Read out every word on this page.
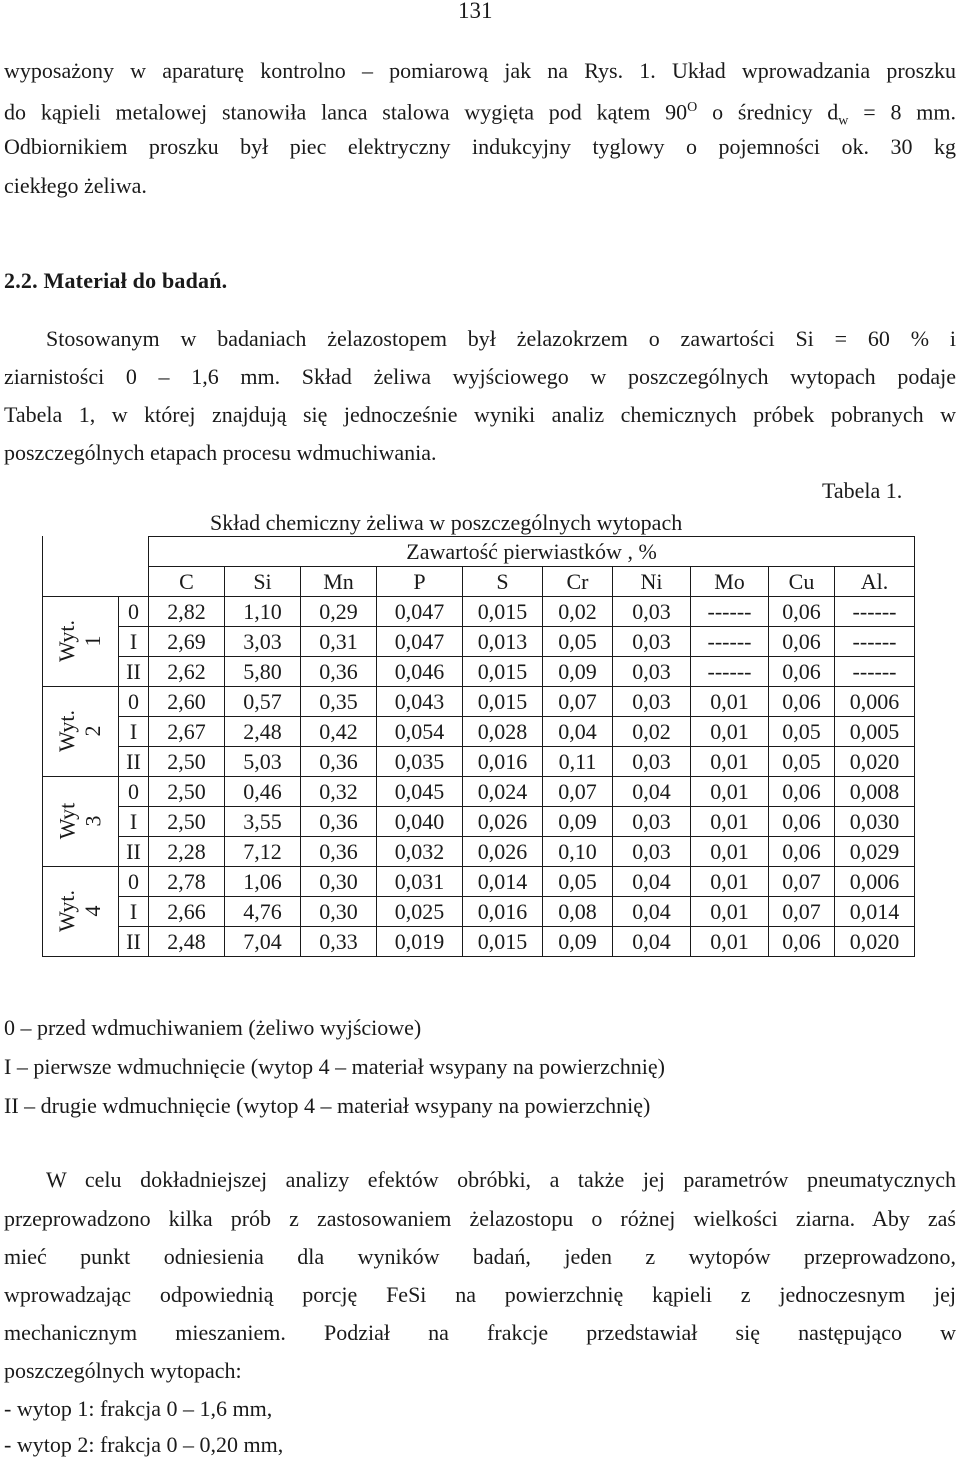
131
wyposażony w aparaturę kontrolno – pomiarową jak na Rys. 1. Układ wprowadzania proszku
do kąpieli metalowej stanowiła lanca stalowa wygięta pod kątem $90^O$ o średnicy $d_w = 8$ mm.
Odbiornikiem proszku był piec elektryczny indukcyjny tyglowy o pojemności ok. 30 kg
ciekłego żeliwa.
2.2. Materiał do badań.
Stosowanym w badaniach żelazostopem był żelazokrzem o zawartości Si = 60 % i
ziarnistości 0 – 1,6 mm. Skład żeliwa wyjściowego w poszczególnych wytopach podaje
Tabela 1, w której znajdują się jednocześnie wyniki analiz chemicznych próbek pobranych w
poszczególnych etapach procesu wdmuchiwania.
Tabela 1.
Skład chemiczny żeliwa w poszczególnych wytopach
		Zawartość pierwiastków , %									
		C	Si	Mn	P	S	Cr	Ni	Mo	Cu	Al.
Wyt.
1	0	2,82	1,10	0,29	0,047	0,015	0,02	0,03	------	0,06	------
	I	2,69	3,03	0,31	0,047	0,013	0,05	0,03	------	0,06	------
	II	2,62	5,80	0,36	0,046	0,015	0,09	0,03	------	0,06	------
Wyt.
2	0	2,60	0,57	0,35	0,043	0,015	0,07	0,03	0,01	0,06	0,006
	I	2,67	2,48	0,42	0,054	0,028	0,04	0,02	0,01	0,05	0,005
	II	2,50	5,03	0,36	0,035	0,016	0,11	0,03	0,01	0,05	0,020
Wyt
3	0	2,50	0,46	0,32	0,045	0,024	0,07	0,04	0,01	0,06	0,008
	I	2,50	3,55	0,36	0,040	0,026	0,09	0,03	0,01	0,06	0,030
	II	2,28	7,12	0,36	0,032	0,026	0,10	0,03	0,01	0,06	0,029
Wyt.
4	0	2,78	1,06	0,30	0,031	0,014	0,05	0,04	0,01	0,07	0,006
	I	2,66	4,76	0,30	0,025	0,016	0,08	0,04	0,01	0,07	0,014
	II	2,48	7,04	0,33	0,019	0,015	0,09	0,04	0,01	0,06	0,020
0 – przed wdmuchiwaniem (żeliwo wyjściowe)
I – pierwsze wdmuchnięcie (wytop 4 – materiał wsypany na powierzchnię)
II – drugie wdmuchnięcie (wytop 4 – materiał wsypany na powierzchnię)
W celu dokładniejszej analizy efektów obróbki, a także jej parametrów pneumatycznych
przeprowadzono kilka prób z zastosowaniem żelazostopu o różnej wielkości ziarna. Aby zaś
mieć punkt odniesienia dla wyników badań, jeden z wytopów przeprowadzono,
wprowadzając odpowiednią porcję FeSi na powierzchnię kąpieli z jednoczesnym jej
mechanicznym mieszaniem. Podział na frakcje przedstawiał się następująco w
poszczególnych wytopach:
- wytop 1: frakcja 0 – 1,6 mm,
- wytop 2: frakcja 0 – 0,20 mm,
